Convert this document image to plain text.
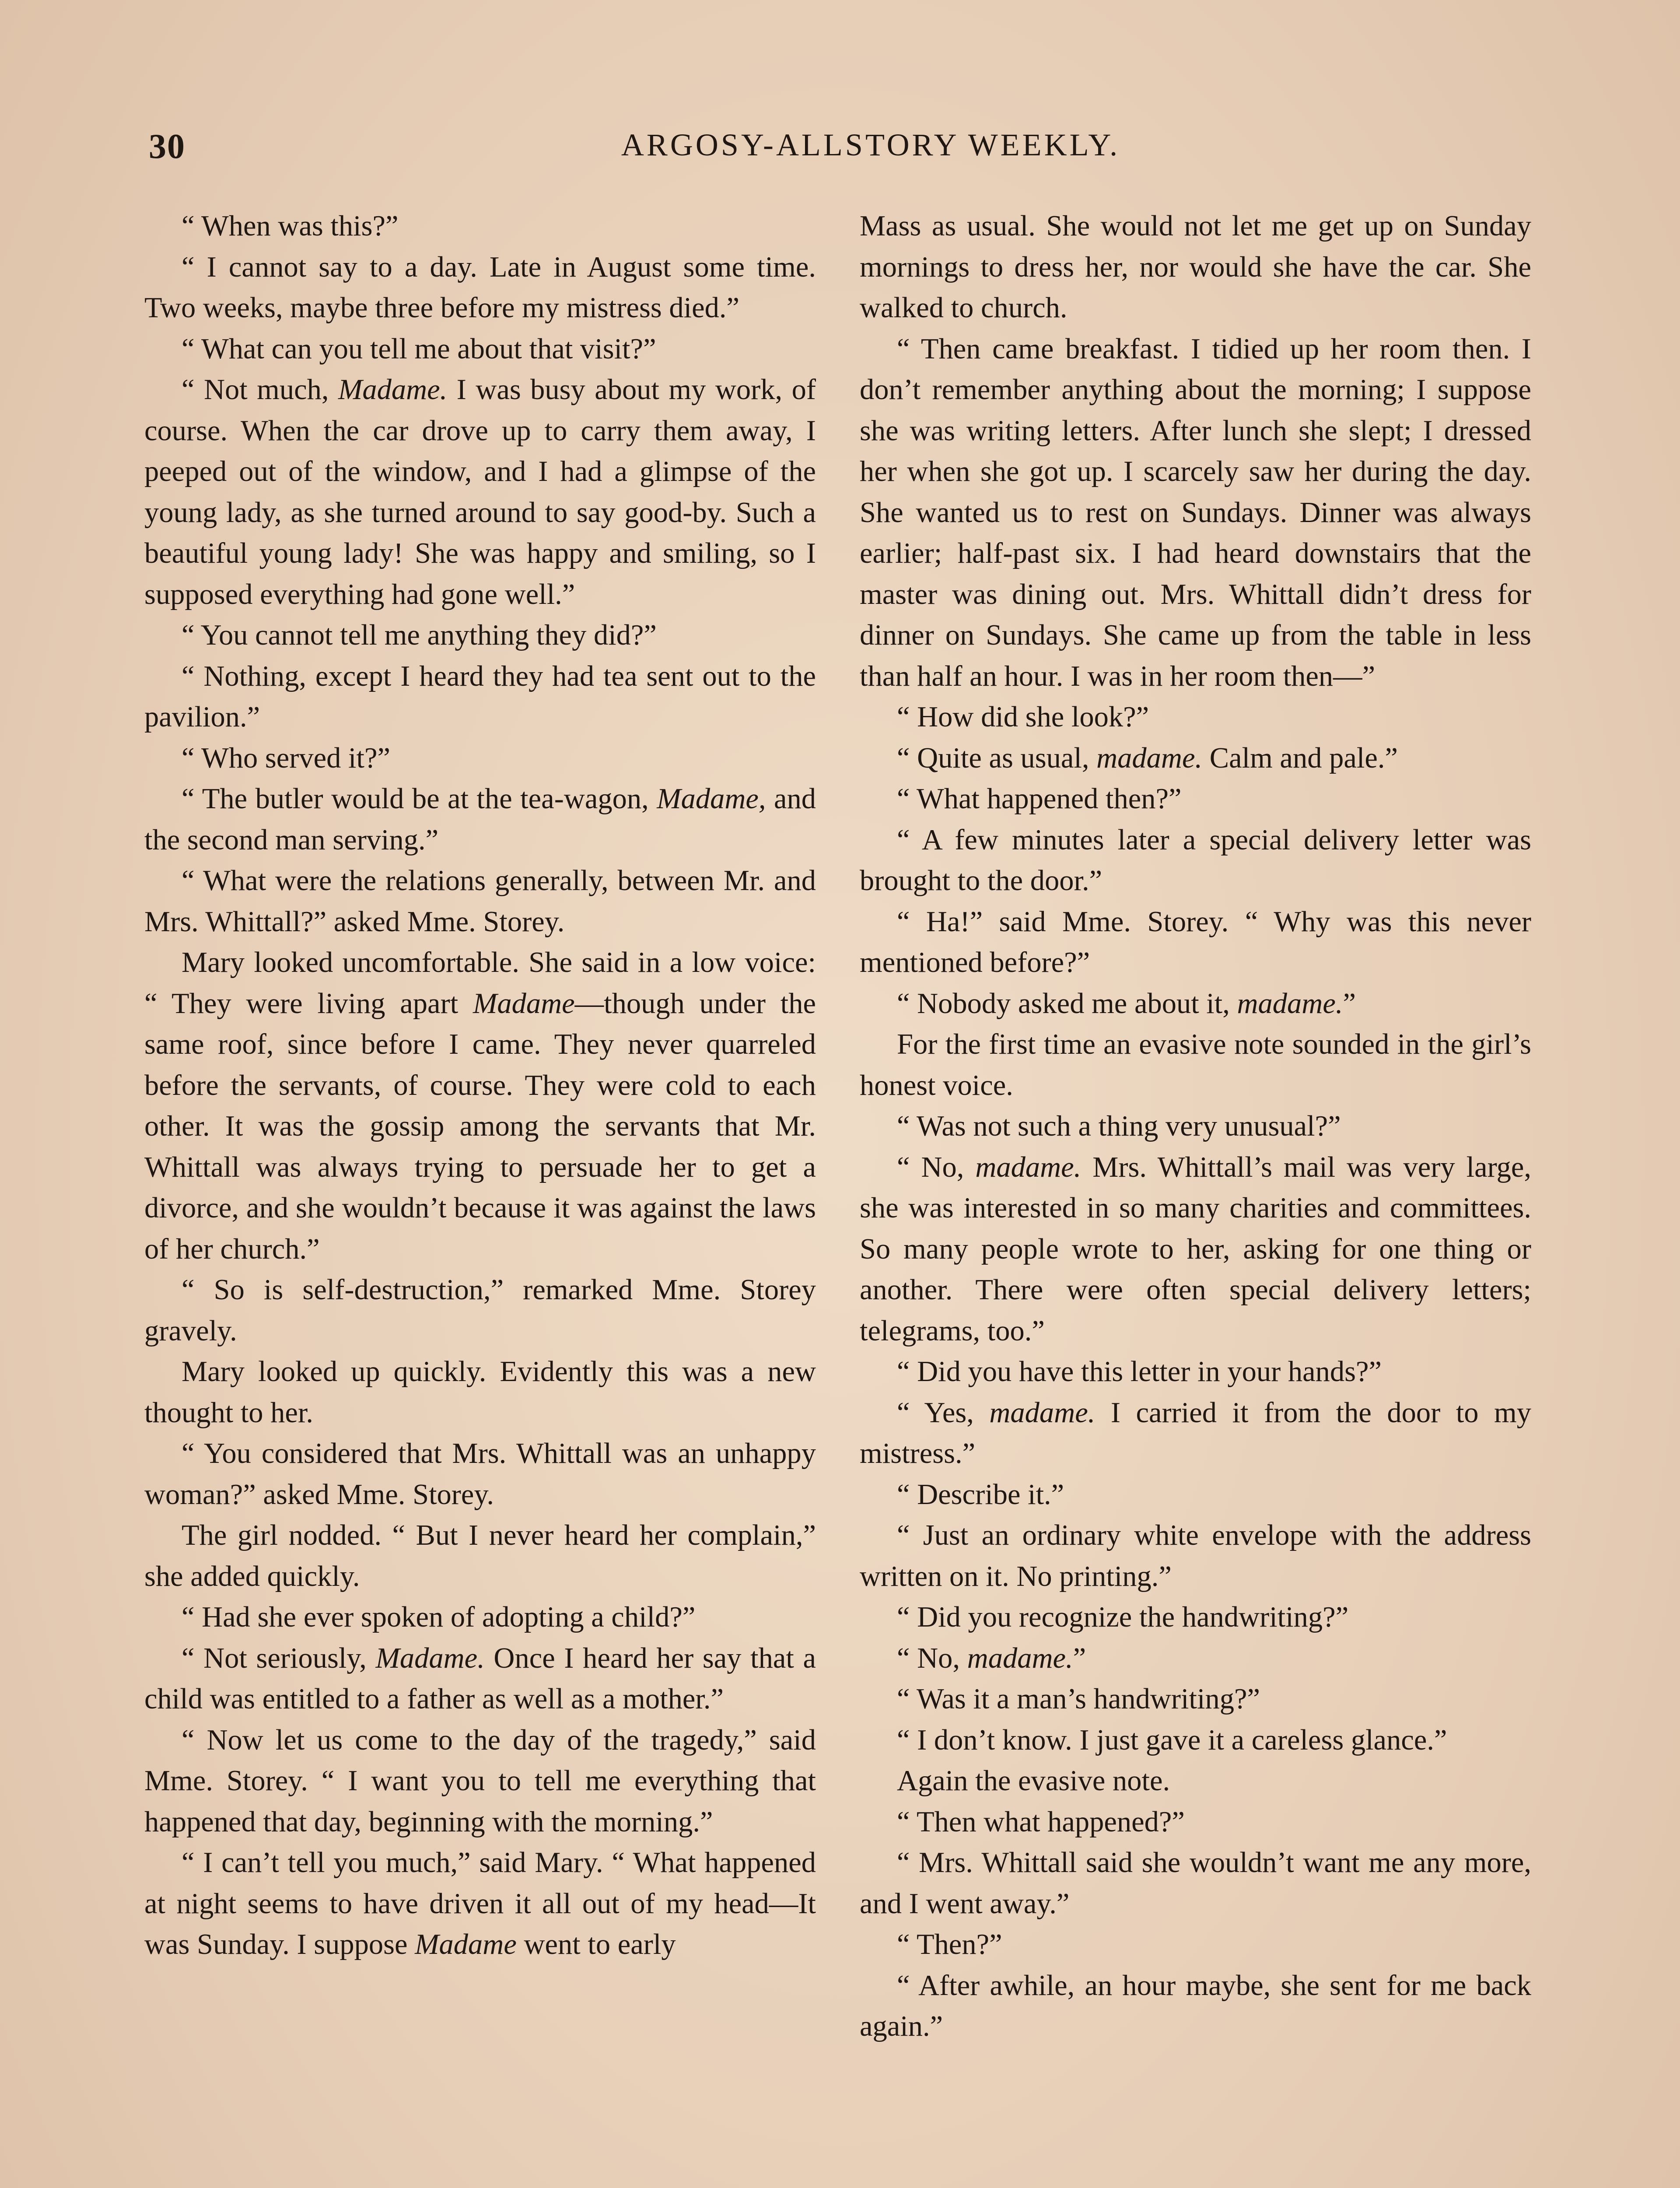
30	ARGOSY-ALLSTORY WEEKLY.

“ When was this?”

“ I cannot say to a day. Late in August some time. Two weeks, maybe three before my mistress died.”

“ What can you tell me about that visit?”

“ Not much, Madame. I was busy about my work, of course. When the car drove up to carry them away, I peeped out of the window, and I had a glimpse of the young lady, as she turned around to say good-by. Such a beautiful young lady! She was happy and smiling, so I supposed everything had gone well.”

“ You cannot tell me anything they did?”

“ Nothing, except I heard they had tea sent out to the pavilion.”

“ Who served it?”

“ The butler would be at the tea-wagon, Madame, and the second man serving.”

“ What were the relations generally, between Mr. and Mrs. Whittall?” asked Mme. Storey.

Mary looked uncomfortable. She said in a low voice: “ They were living apart Madame—though under the same roof, since before I came. They never quarreled before the servants, of course. They were cold to each other. It was the gossip among the servants that Mr. Whittall was always trying to persuade her to get a divorce, and she wouldn’t because it was against the laws of her church.”

“ So is self-destruction,” remarked Mme. Storey gravely.

Mary looked up quickly. Evidently this was a new thought to her.

“ You considered that Mrs. Whittall was an unhappy woman?” asked Mme. Storey.

The girl nodded. “ But I never heard her complain,” she added quickly.

“ Had she ever spoken of adopting a child?”

“ Not seriously, Madame. Once I heard her say that a child was entitled to a father as well as a mother.”

“ Now let us come to the day of the tragedy,” said Mme. Storey. “ I want you to tell me everything that happened that day, beginning with the morning.”

“ I can’t tell you much,” said Mary. “ What happened at night seems to have driven it all out of my head—It was Sunday. I suppose Madame went to early

Mass as usual. She would not let me get up on Sunday mornings to dress her, nor would she have the car. She walked to church.

“ Then came breakfast. I tidied up her room then. I don’t remember anything about the morning; I suppose she was writing letters. After lunch she slept; I dressed her when she got up. I scarcely saw her during the day. She wanted us to rest on Sundays. Dinner was always earlier; half-past six. I had heard downstairs that the master was dining out. Mrs. Whittall didn’t dress for dinner on Sundays. She came up from the table in less than half an hour. I was in her room then—”

“ How did she look?”

“ Quite as usual, madame. Calm and pale.”

“ What happened then?”

“ A few minutes later a special delivery letter was brought to the door.”

“ Ha!” said Mme. Storey. “ Why was this never mentioned before?”

“ Nobody asked me about it, madame.”

For the first time an evasive note sounded in the girl’s honest voice.

“ Was not such a thing very unusual?”

“ No, madame. Mrs. Whittall’s mail was very large, she was interested in so many charities and committees. So many people wrote to her, asking for one thing or another. There were often special delivery letters; telegrams, too.”

“ Did you have this letter in your hands?”

“ Yes, madame. I carried it from the door to my mistress.”

“ Describe it.”

“ Just an ordinary white envelope with the address written on it. No printing.”

“ Did you recognize the handwriting?”

“ No, madame.”

“ Was it a man’s handwriting?”

“ I don’t know. I just gave it a careless glance.”

Again the evasive note.

“ Then what happened?”

“ Mrs. Whittall said she wouldn’t want me any more, and I went away.”

“ Then?”

“ After awhile, an hour maybe, she sent for me back again.”
